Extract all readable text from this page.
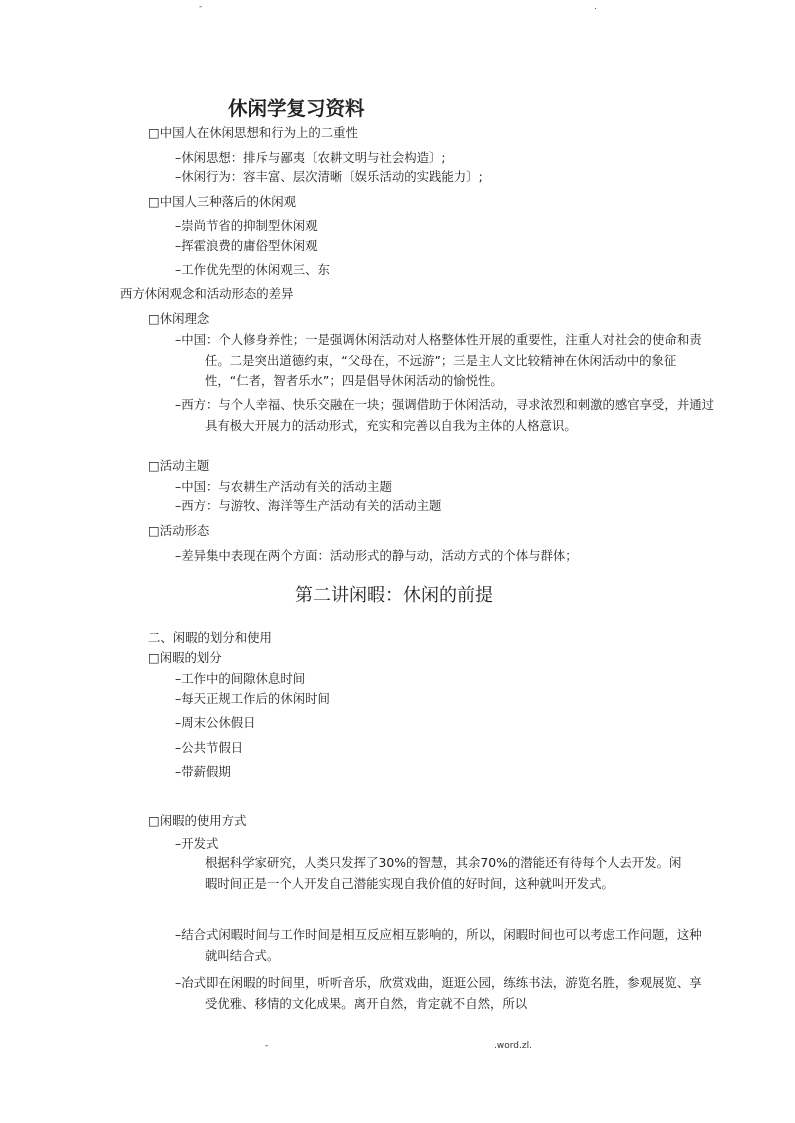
-	.
休闲学复习资料
□中国人在休闲思想和行为上的二重性
–休闲思想：排斥与鄙夷〔农耕文明与社会构造〕;
–休闲行为：容丰富、层次清晰〔娱乐活动的实践能力〕;
□中国人三种落后的休闲观
–崇尚节省的抑制型休闲观
–挥霍浪费的庸俗型休闲观
–工作优先型的休闲观三、东
西方休闲观念和活动形态的差异
□休闲理念
–中国：个人修身养性；一是强调休闲活动对人格整体性开展的重要性，注重人对社会的使命和责任。二是突出道德约束，“父母在，不远游”；三是主人文比较精神在休闲活动中的象征性，“仁者，智者乐水”；四是倡导休闲活动的愉悦性。
–西方：与个人幸福、快乐交融在一块；强调借助于休闲活动，寻求浓烈和刺激的感官享受，并通过具有极大开展力的活动形式，充实和完善以自我为主体的人格意识。
□活动主题
–中国：与农耕生产活动有关的活动主题
–西方：与游牧、海洋等生产活动有关的活动主题
□活动形态
–差异集中表现在两个方面：活动形式的静与动，活动方式的个体与群体；
第二讲闲暇：休闲的前提
二、闲暇的划分和使用
□闲暇的划分
–工作中的间隙休息时间
–每天正规工作后的休闲时间
–周末公休假日
–公共节假日
–带薪假期
□闲暇的使用方式
–开发式
根据科学家研究，人类只发挥了30%的智慧，其余70%的潜能还有待每个人去开发。闲暇时间正是一个人开发自己潜能实现自我价值的好时间，这种就叫开发式。
–结合式闲暇时间与工作时间是相互反应相互影响的，所以，闲暇时间也可以考虑工作问题，这种就叫结合式。
–冶式即在闲暇的时间里，听听音乐，欣赏戏曲，逛逛公园，练练书法，游览名胜，参观展览、享受优雅、移情的文化成果。离开自然，肯定就不自然，所以
-	.word.zl.
